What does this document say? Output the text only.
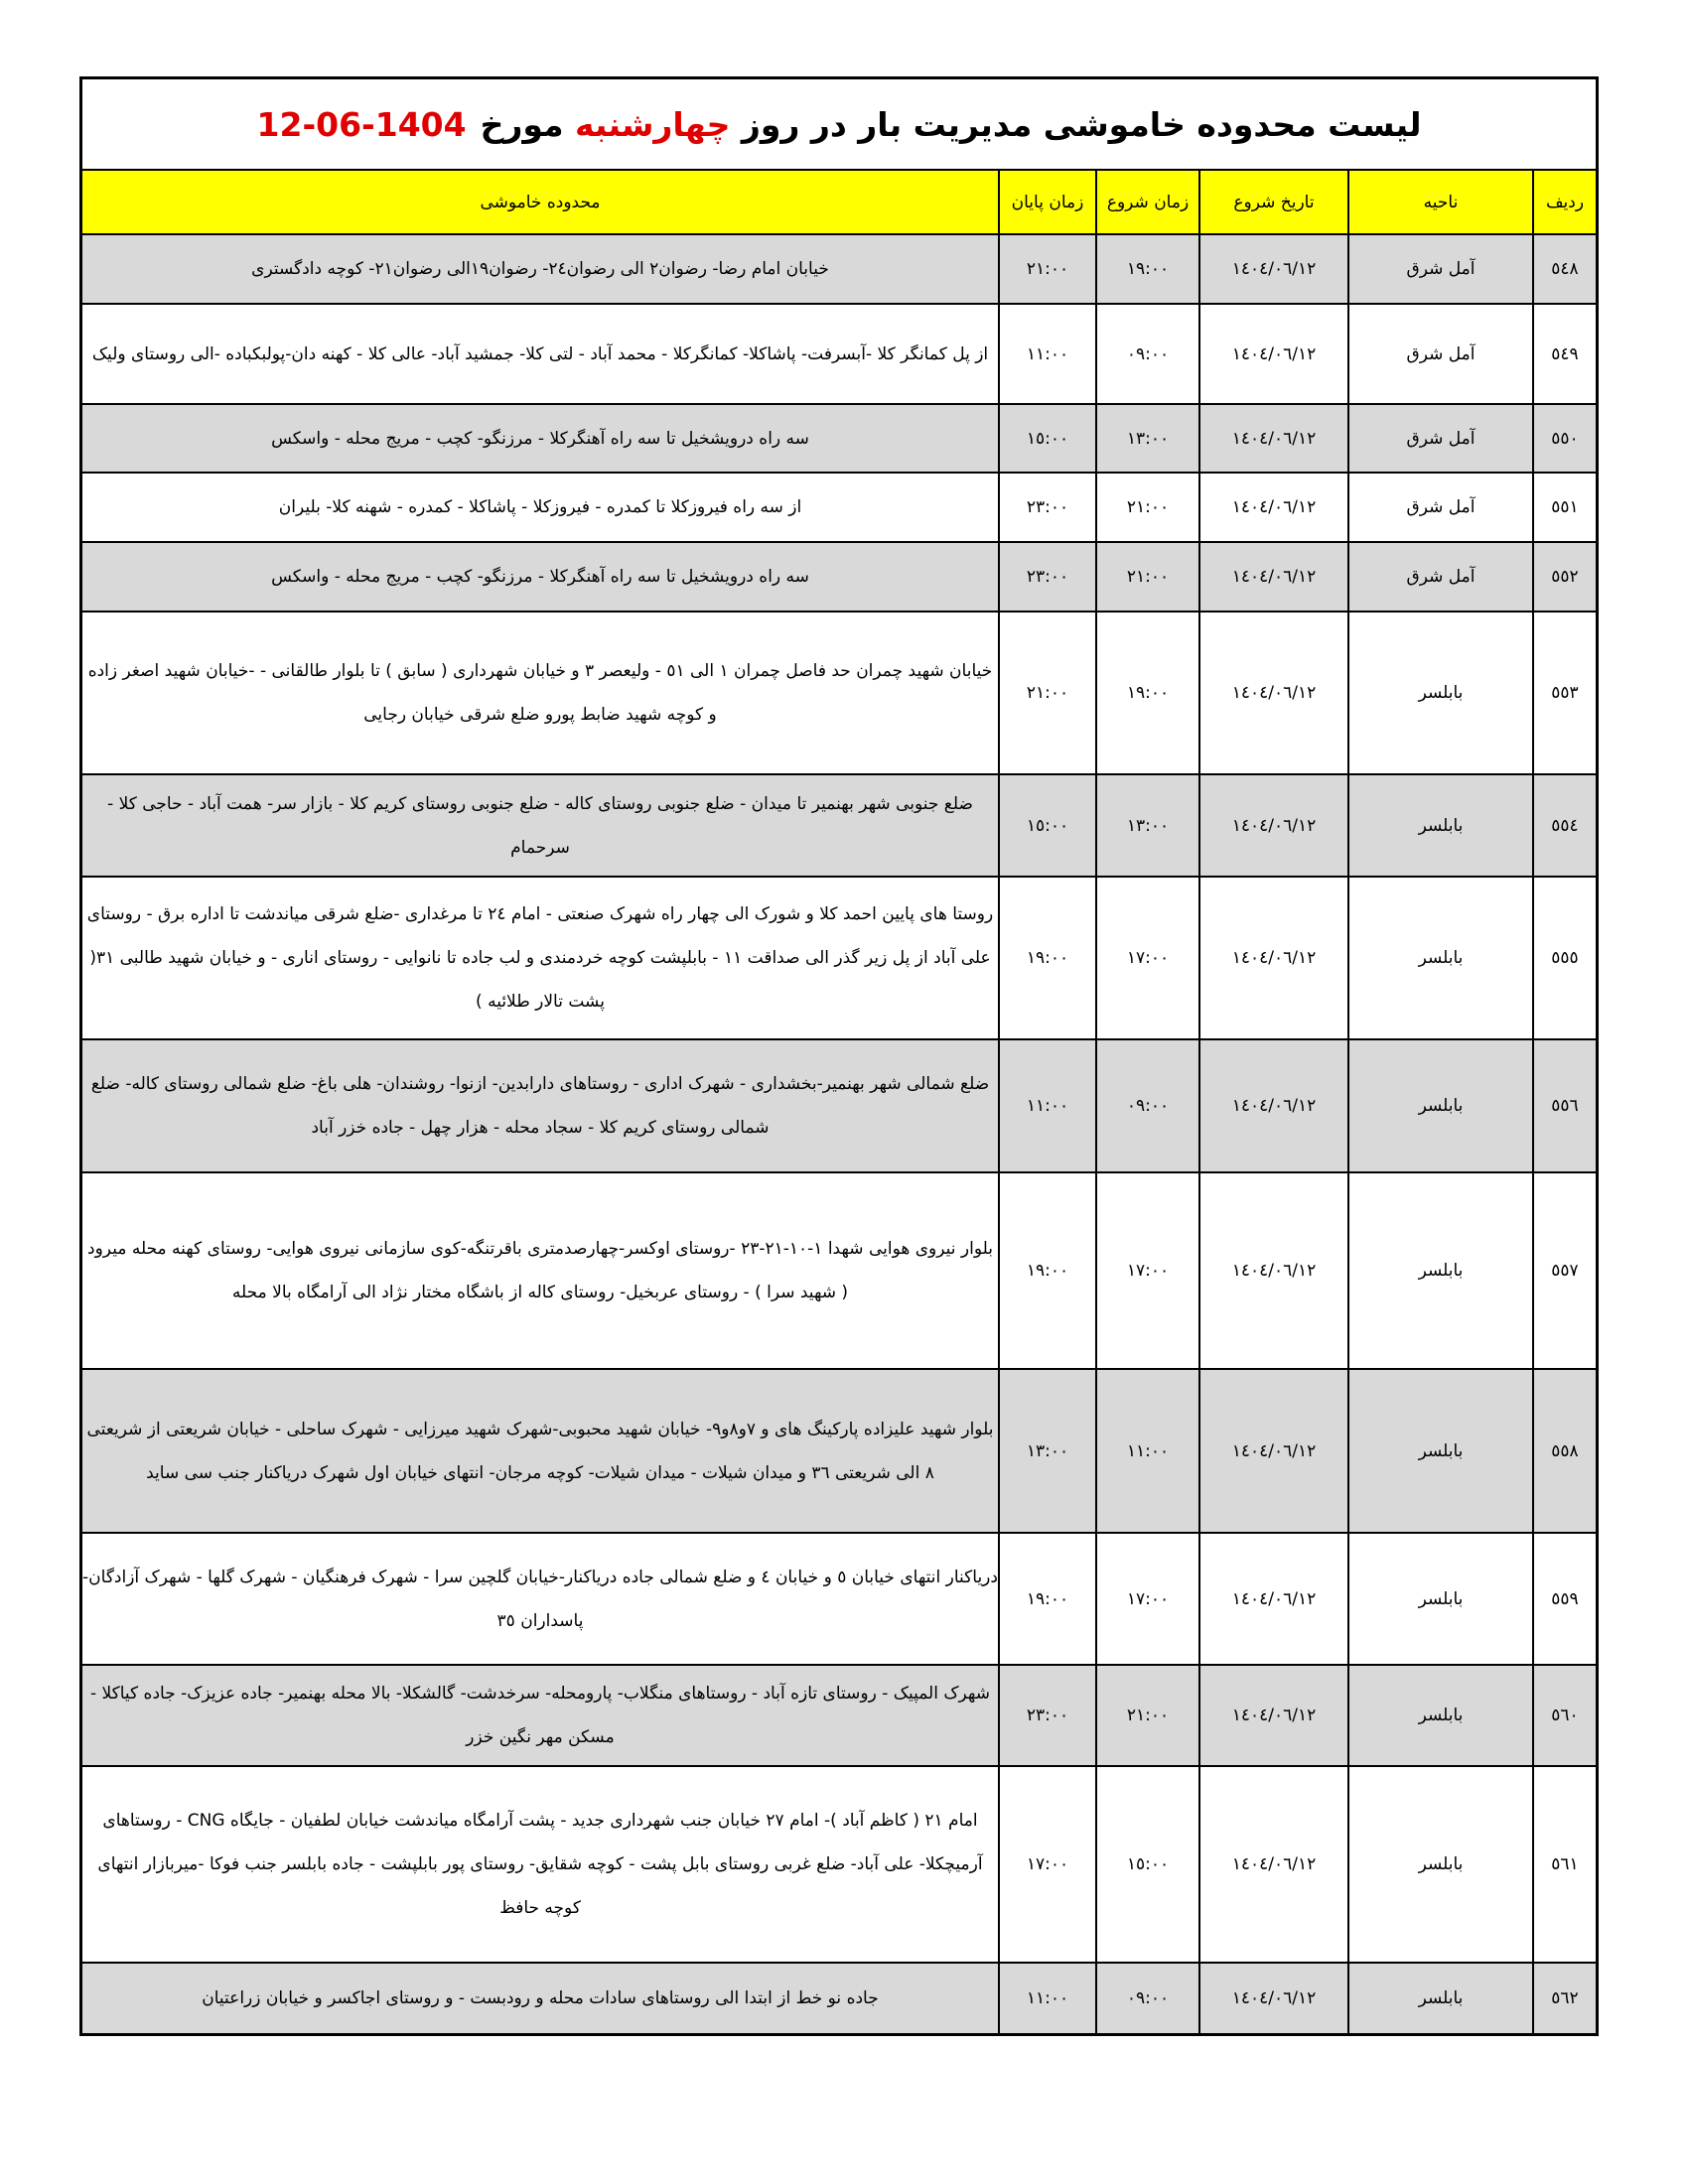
لیست محدوده خاموشی مدیریت بار در روز

چهارشنبه

مورخ
12-06-1404
ردیف	ناحیه	تاریخ شروع	زمان شروع	زمان پایان	محدوده خاموشی
٥٤٨	آمل شرق	١٤٠٤/٠٦/١٢	١٩:٠٠	٢١:٠٠	خیابان امام رضا- رضوان٢ الی رضوان٢٤- رضوان١٩الی رضوان٢١- کوچه دادگستری
٥٤٩	آمل شرق	١٤٠٤/٠٦/١٢	٠٩:٠٠	١١:٠٠	از پل کمانگر کلا -آبسرفت- پاشاکلا- کمانگرکلا - محمد آباد - لتی کلا- جمشید آباد- عالی کلا - کهنه دان-پولبکباده -الی روستای ولیک
٥٥٠	آمل شرق	١٤٠٤/٠٦/١٢	١٣:٠٠	١٥:٠٠	سه راه درویشخیل تا سه راه آهنگرکلا - مرزنگو- کچب - مریج محله - واسکس
٥٥١	آمل شرق	١٤٠٤/٠٦/١٢	٢١:٠٠	٢٣:٠٠	از سه راه فیروزکلا تا کمدره - فیروزکلا - پاشاکلا - کمدره - شهنه کلا- بلیران
٥٥٢	آمل شرق	١٤٠٤/٠٦/١٢	٢١:٠٠	٢٣:٠٠	سه راه درویشخیل تا سه راه آهنگرکلا - مرزنگو- کچب - مریج محله - واسکس
٥٥٣	بابلسر	١٤٠٤/٠٦/١٢	١٩:٠٠	٢١:٠٠	خیابان شهید چمران حد فاصل چمران ١ الی ٥١ - ولیعصر ٣ و خیابان شهرداری ( سابق ) تا بلوار طالقانی - -خیابان شهید اصغر زاده و کوچه شهید ضابط پورو ضلع شرقی خیابان رجایی
٥٥٤	بابلسر	١٤٠٤/٠٦/١٢	١٣:٠٠	١٥:٠٠	ضلع جنوبی شهر بهنمیر تا میدان - ضلع جنوبی روستای کاله - ضلع جنوبی روستای کریم کلا - بازار سر- همت آباد - حاجی کلا - سرحمام
٥٥٥	بابلسر	١٤٠٤/٠٦/١٢	١٧:٠٠	١٩:٠٠	روستا های پایین احمد کلا و شورک الی چهار راه شهرک صنعتی - امام ٢٤ تا مرغداری -ضلع شرقی میاندشت تا اداره برق - روستای علی آباد از پل زیر گذر الی صداقت ١١ - بابلپشت کوچه خردمندی و لب جاده تا نانوایی - روستای اناری - و خیابان شهید طالبی ٣١( پشت تالار طلائیه )
٥٥٦	بابلسر	١٤٠٤/٠٦/١٢	٠٩:٠٠	١١:٠٠	ضلع شمالی شهر بهنمیر-بخشداری - شهرک اداری - روستاهای دارابدین- ازنوا- روشندان- هلی باغ- ضلع شمالی روستای کاله- ضلع شمالی روستای کریم کلا - سجاد محله - هزار چهل - جاده خزر آباد
٥٥٧	بابلسر	١٤٠٤/٠٦/١٢	١٧:٠٠	١٩:٠٠	بلوار نیروی هوایی شهدا ١-١٠-٢١-٢٣ -روستای اوکسر-چهارصدمتری باقرتنگه-کوی سازمانی نیروی هوایی- روستای کهنه محله میرود ( شهید سرا ) - روستای عربخیل- روستای کاله از باشگاه مختار نژاد الی آرامگاه بالا محله
٥٥٨	بابلسر	١٤٠٤/٠٦/١٢	١١:٠٠	١٣:٠٠	بلوار شهید علیزاده پارکینگ های و ٧و٨و٩- خیابان شهید محبوبی-شهرک شهید میرزایی - شهرک ساحلی - خیابان شریعتی از شریعتی ٨ الی شریعتی ٣٦ و میدان شیلات - میدان شیلات- کوچه مرجان- انتهای خیابان اول شهرک دریاکنار جنب سی ساید
٥٥٩	بابلسر	١٤٠٤/٠٦/١٢	١٧:٠٠	١٩:٠٠	دریاکنار انتهای خیابان ٥ و خیابان ٤ و ضلع شمالی جاده دریاکنار-خیابان گلچین سرا - شهرک فرهنگیان - شهرک گلها - شهرک آزادگان- پاسداران ٣٥
٥٦٠	بابلسر	١٤٠٤/٠٦/١٢	٢١:٠٠	٢٣:٠٠	شهرک المپیک - روستای تازه آباد - روستاهای منگلاب- پارومحله- سرخدشت- گالشکلا- بالا محله بهنمیر- جاده عزیزک- جاده کیاکلا - مسکن مهر نگین خزر
٥٦١	بابلسر	١٤٠٤/٠٦/١٢	١٥:٠٠	١٧:٠٠	امام ٢١ ( کاظم آباد )- امام ٢٧ خیابان جنب شهرداری جدید - پشت آرامگاه میاندشت خیابان لطفیان - جایگاه CNG - روستاهای آرمیچکلا- علی آباد- ضلع غربی روستای بابل پشت - کوچه شقایق- روستای پور بابلپشت - جاده بابلسر جنب فوکا -میربازار انتهای کوچه حافظ
٥٦٢	بابلسر	١٤٠٤/٠٦/١٢	٠٩:٠٠	١١:٠٠	جاده نو خط از ابتدا الی روستاهای سادات محله و رودبست - و روستای اجاکسر و خیابان زراعتیان
